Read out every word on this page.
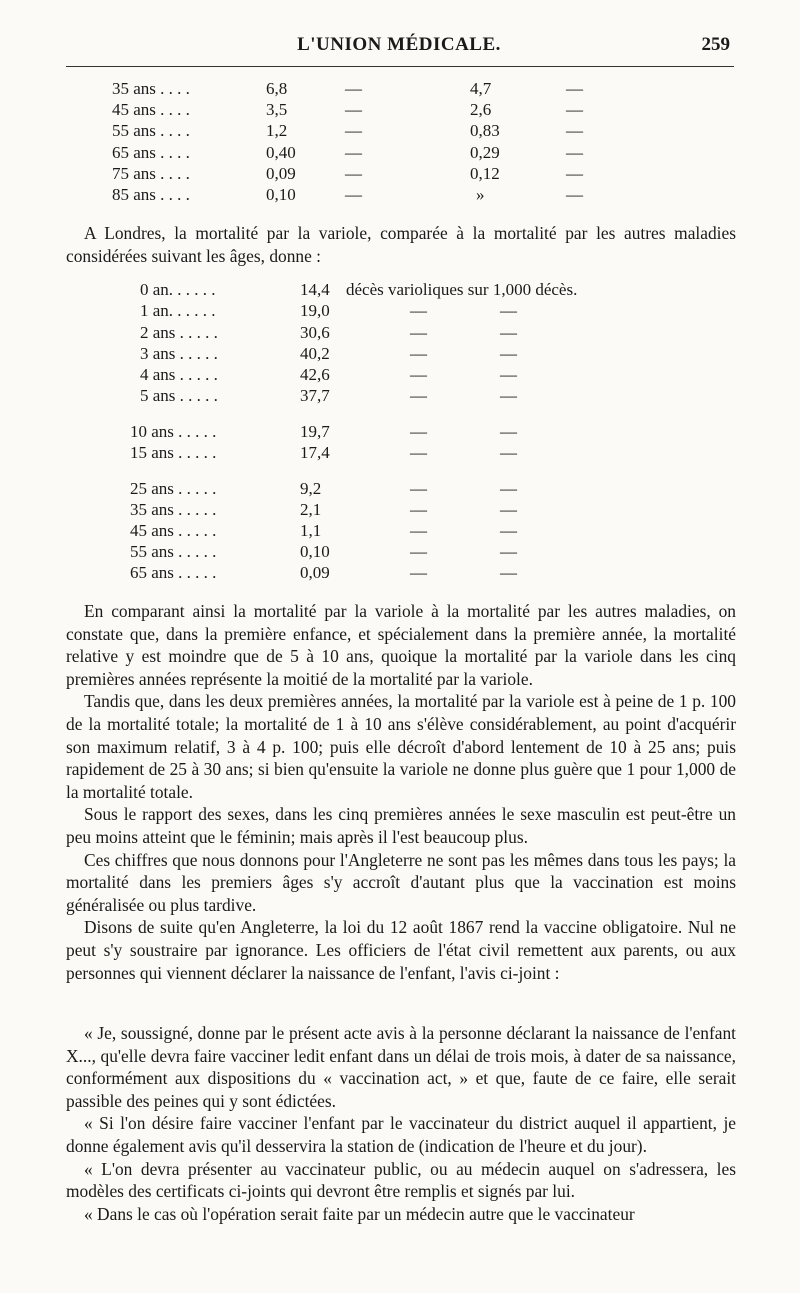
L'UNION MÉDICALE.	259
35 ans . . . .	6,8	—	4,7	—
45 ans . . . .	3,5	—	2,6	—
55 ans . . . .	1,2	—	0,83	—
65 ans . . . .	0,40	—	0,29	—
75 ans . . . .	0,09	—	0,12	—
85 ans . . . .	0,10	—	»	—
A Londres, la mortalité par la variole, comparée à la mortalité par les autres maladies considérées suivant les âges, donne :
0 an. . . . . .	14,4 décès varioliques sur 1,000 décès.
1 an. . . . . .	19,0	—	—
2 ans . . . . .	30,6	—	—
3 ans . . . . .	40,2	—	—
4 ans . . . . .	42,6	—	—
5 ans . . . . .	37,7	—	—
10 ans . . . . .	19,7	—	—
15 ans . . . . .	17,4	—	—
25 ans . . . . .	9,2	—	—
35 ans . . . . .	2,1	—	—
45 ans . . . . .	1,1	—	—
55 ans . . . . .	0,10	—	—
65 ans . . . . .	0,09	—	—

En comparant ainsi la mortalité par la variole à la mortalité par les autres maladies, on constate que, dans la première enfance, et spécialement dans la première année, la mortalité relative y est moindre que de 5 à 10 ans, quoique la mortalité par la variole dans les cinq premières années représente la moitié de la mortalité par la variole.

Tandis que, dans les deux premières années, la mortalité par la variole est à peine de 1 p. 100 de la mortalité totale; la mortalité de 1 à 10 ans s'élève considérablement, au point d'acquérir son maximum relatif, 3 à 4 p. 100; puis elle décroît d'abord lentement de 10 à 25 ans; puis rapidement de 25 à 30 ans; si bien qu'ensuite la variole ne donne plus guère que 1 pour 1,000 de la mortalité totale.

Sous le rapport des sexes, dans les cinq premières années le sexe masculin est peut-être un peu moins atteint que le féminin; mais après il l'est beaucoup plus.

Ces chiffres que nous donnons pour l'Angleterre ne sont pas les mêmes dans tous les pays; la mortalité dans les premiers âges s'y accroît d'autant plus que la vaccination est moins généralisée ou plus tardive.

Disons de suite qu'en Angleterre, la loi du 12 août 1867 rend la vaccine obligatoire. Nul ne peut s'y soustraire par ignorance. Les officiers de l'état civil remettent aux parents, ou aux personnes qui viennent déclarer la naissance de l'enfant, l'avis ci-joint :

« Je, soussigné, donne par le présent acte avis à la personne déclarant la naissance de l'enfant X..., qu'elle devra faire vacciner ledit enfant dans un délai de trois mois, à dater de sa naissance, conformément aux dispositions du « vaccination act, » et que, faute de ce faire, elle serait passible des peines qui y sont édictées.

« Si l'on désire faire vacciner l'enfant par le vaccinateur du district auquel il appartient, je donne également avis qu'il desservira la station de (indication de l'heure et du jour).

« L'on devra présenter au vaccinateur public, ou au médecin auquel on s'adressera, les modèles des certificats ci-joints qui devront être remplis et signés par lui.

« Dans le cas où l'opération serait faite par un médecin autre que le vaccinateur
